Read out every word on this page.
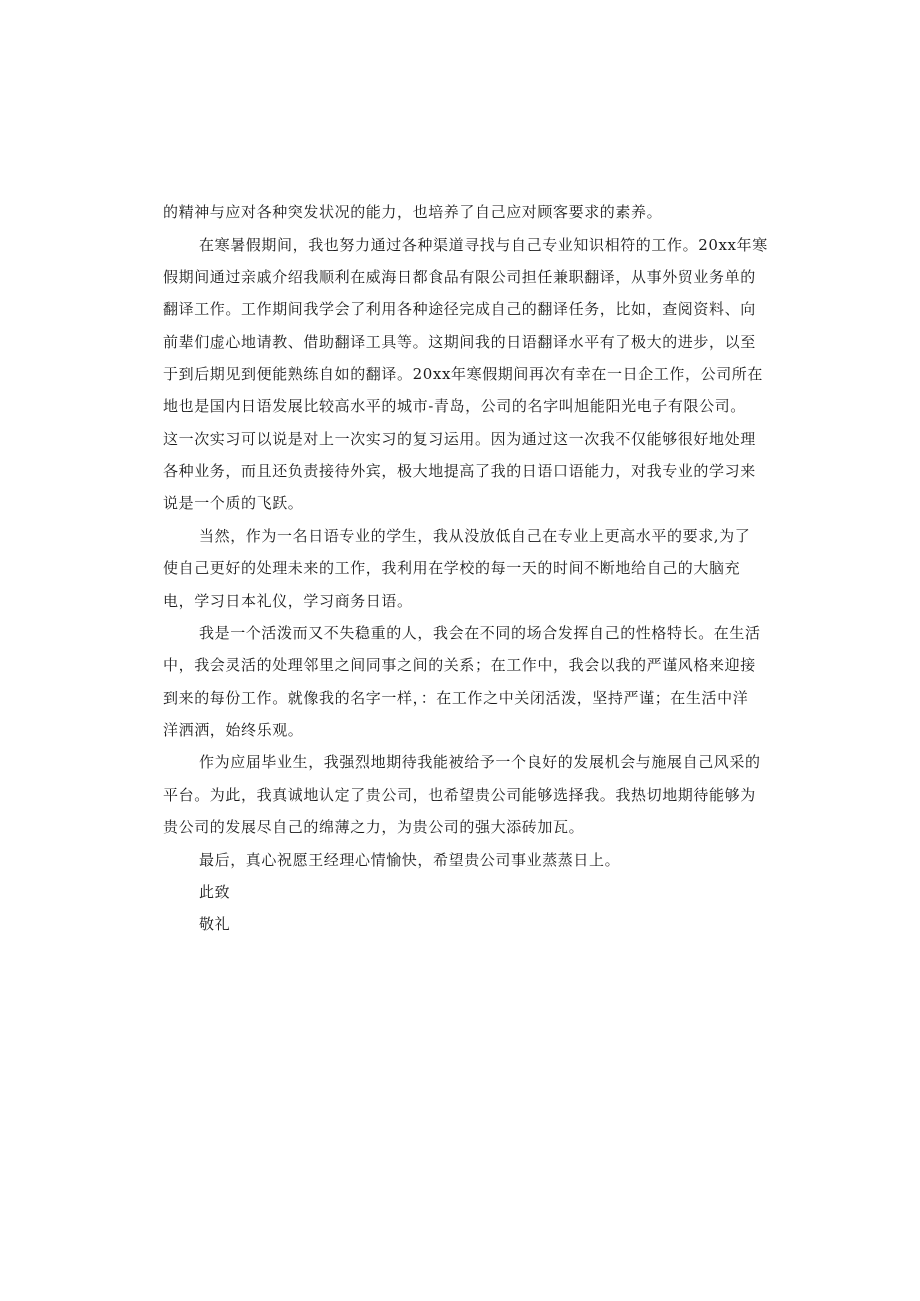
的精神与应对各种突发状况的能力，也培养了自己应对顾客要求的素养。
在寒暑假期间，我也努力通过各种渠道寻找与自己专业知识相符的工作。20xx年寒
假期间通过亲戚介绍我顺利在威海日都食品有限公司担任兼职翻译，从事外贸业务单的
翻译工作。工作期间我学会了利用各种途径完成自己的翻译任务，比如，查阅资料、向
前辈们虚心地请教、借助翻译工具等。这期间我的日语翻译水平有了极大的进步，以至
于到后期见到便能熟练自如的翻译。20xx年寒假期间再次有幸在一日企工作，公司所在
地也是国内日语发展比较高水平的城市-青岛，公司的名字叫旭能阳光电子有限公司。
这一次实习可以说是对上一次实习的复习运用。因为通过这一次我不仅能够很好地处理
各种业务，而且还负责接待外宾，极大地提高了我的日语口语能力，对我专业的学习来
说是一个质的飞跃。
当然，作为一名日语专业的学生，我从没放低自己在专业上更高水平的要求,为了
使自己更好的处理未来的工作，我利用在学校的每一天的时间不断地给自己的大脑充
电，学习日本礼仪，学习商务日语。
我是一个活泼而又不失稳重的人，我会在不同的场合发挥自己的性格特长。在生活
中，我会灵活的处理邻里之间同事之间的关系；在工作中，我会以我的严谨风格来迎接
到来的每份工作。就像我的名字一样，：在工作之中关闭活泼，坚持严谨；在生活中洋
洋洒洒，始终乐观。
作为应届毕业生，我强烈地期待我能被给予一个良好的发展机会与施展自己风采的
平台。为此，我真诚地认定了贵公司，也希望贵公司能够选择我。我热切地期待能够为
贵公司的发展尽自己的绵薄之力，为贵公司的强大添砖加瓦。
最后，真心祝愿王经理心情愉快，希望贵公司事业蒸蒸日上。
此致
敬礼
